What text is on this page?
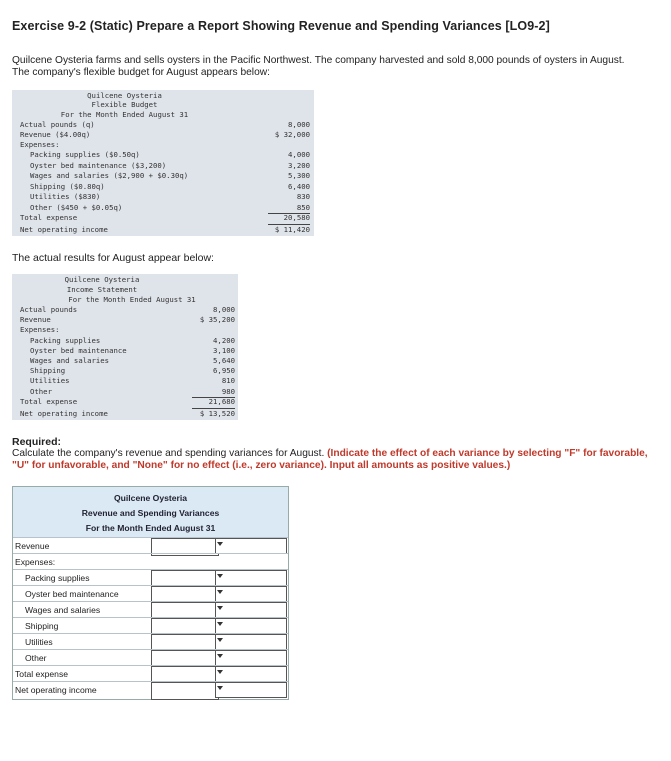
Exercise 9-2 (Static) Prepare a Report Showing Revenue and Spending Variances [LO9-2]
Quilcene Oysteria farms and sells oysters in the Pacific Northwest. The company harvested and sold 8,000 pounds of oysters in August. The company's flexible budget for August appears below:
Quilcene Oysteria
Flexible Budget
For the Month Ended August 31
Actual pounds (q)	8,000
Revenue ($4.00q)	$ 32,000
Expenses:
Packing supplies ($0.50q)	4,000
Oyster bed maintenance ($3,200)	3,200
Wages and salaries ($2,900 + $0.30q)	5,300
Shipping ($0.80q)	6,400
Utilities ($830)	830
Other ($450 + $0.05q)	850
Total expense	20,580
Net operating income	$ 11,420
The actual results for August appear below:
Quilcene Oysteria
Income Statement
For the Month Ended August 31
Actual pounds	8,000
Revenue	$ 35,200
Expenses:
Packing supplies	4,200
Oyster bed maintenance	3,100
Wages and salaries	5,640
Shipping	6,950
Utilities	810
Other	980
Total expense	21,680
Net operating income	$ 13,520
Required:
Calculate the company's revenue and spending variances for August. (Indicate the effect of each variance by selecting "F" for favorable, "U" for unfavorable, and "None" for no effect (i.e., zero variance). Input all amounts as positive values.)
Quilcene Oysteria
Revenue and Spending Variances
For the Month Ended August 31
Revenue
Expenses:
Packing supplies
Oyster bed maintenance
Wages and salaries
Shipping
Utilities
Other
Total expense
Net operating income
